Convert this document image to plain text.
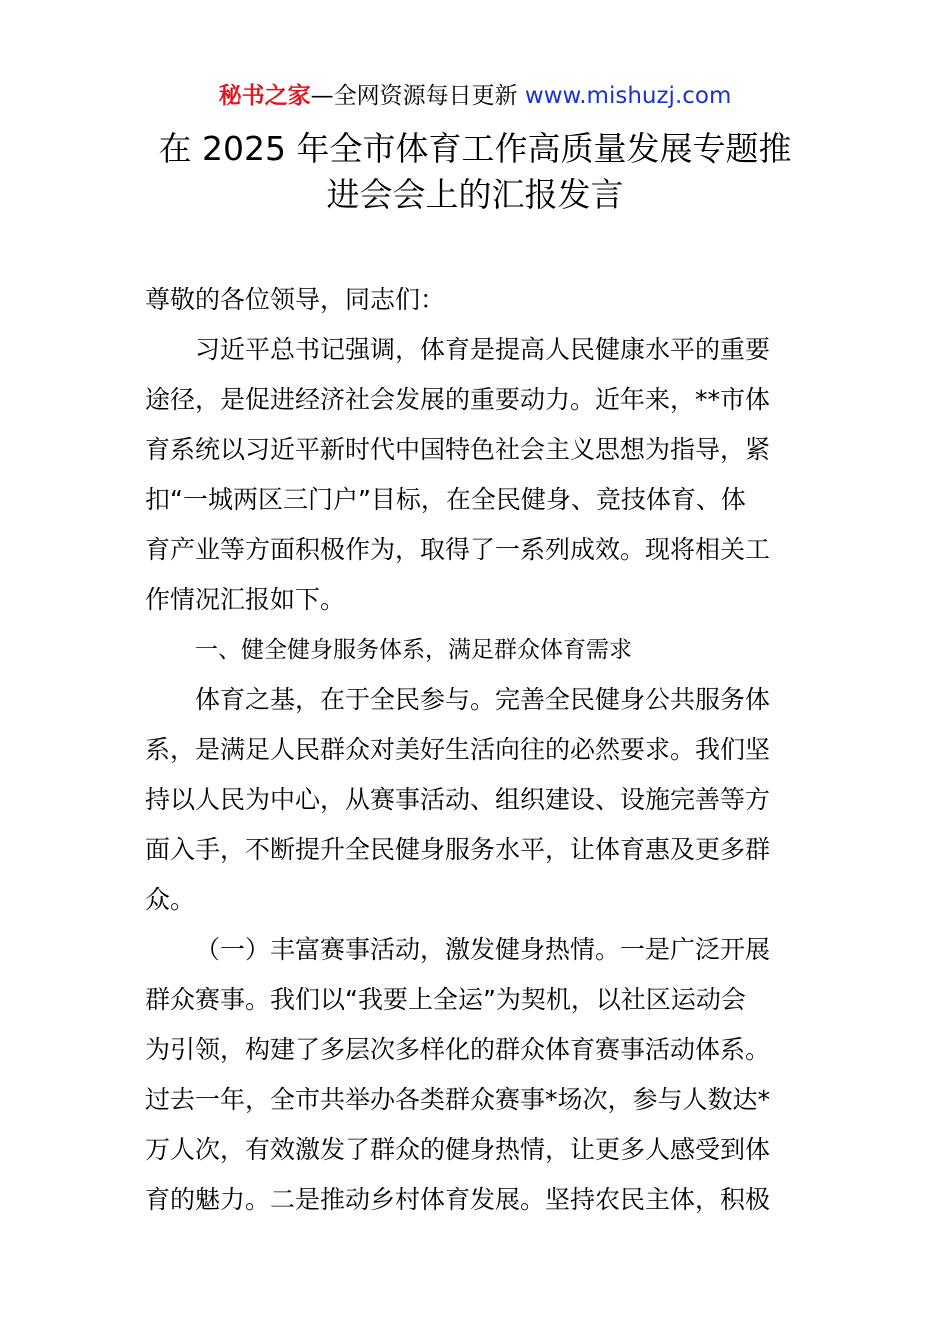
秘书之家—全网资源每日更新 www.mishuzj.com
在 2025 年全市体育工作高质量发展专题推
进会会上的汇报发言
尊敬的各位领导，同志们：
习近平总书记强调，体育是提高人民健康水平的重要
途径，是促进经济社会发展的重要动力。近年来，**市体
育系统以习近平新时代中国特色社会主义思想为指导，紧
扣“一城两区三门户”目标，在全民健身、竞技体育、体
育产业等方面积极作为，取得了一系列成效。现将相关工
作情况汇报如下。
一、健全健身服务体系，满足群众体育需求
体育之基，在于全民参与。完善全民健身公共服务体
系，是满足人民群众对美好生活向往的必然要求。我们坚
持以人民为中心，从赛事活动、组织建设、设施完善等方
面入手，不断提升全民健身服务水平，让体育惠及更多群
众。
（一）丰富赛事活动，激发健身热情。一是广泛开展
群众赛事。我们以“我要上全运”为契机，以社区运动会
为引领，构建了多层次多样化的群众体育赛事活动体系。
过去一年，全市共举办各类群众赛事*场次，参与人数达*
万人次，有效激发了群众的健身热情，让更多人感受到体
育的魅力。二是推动乡村体育发展。坚持农民主体，积极
